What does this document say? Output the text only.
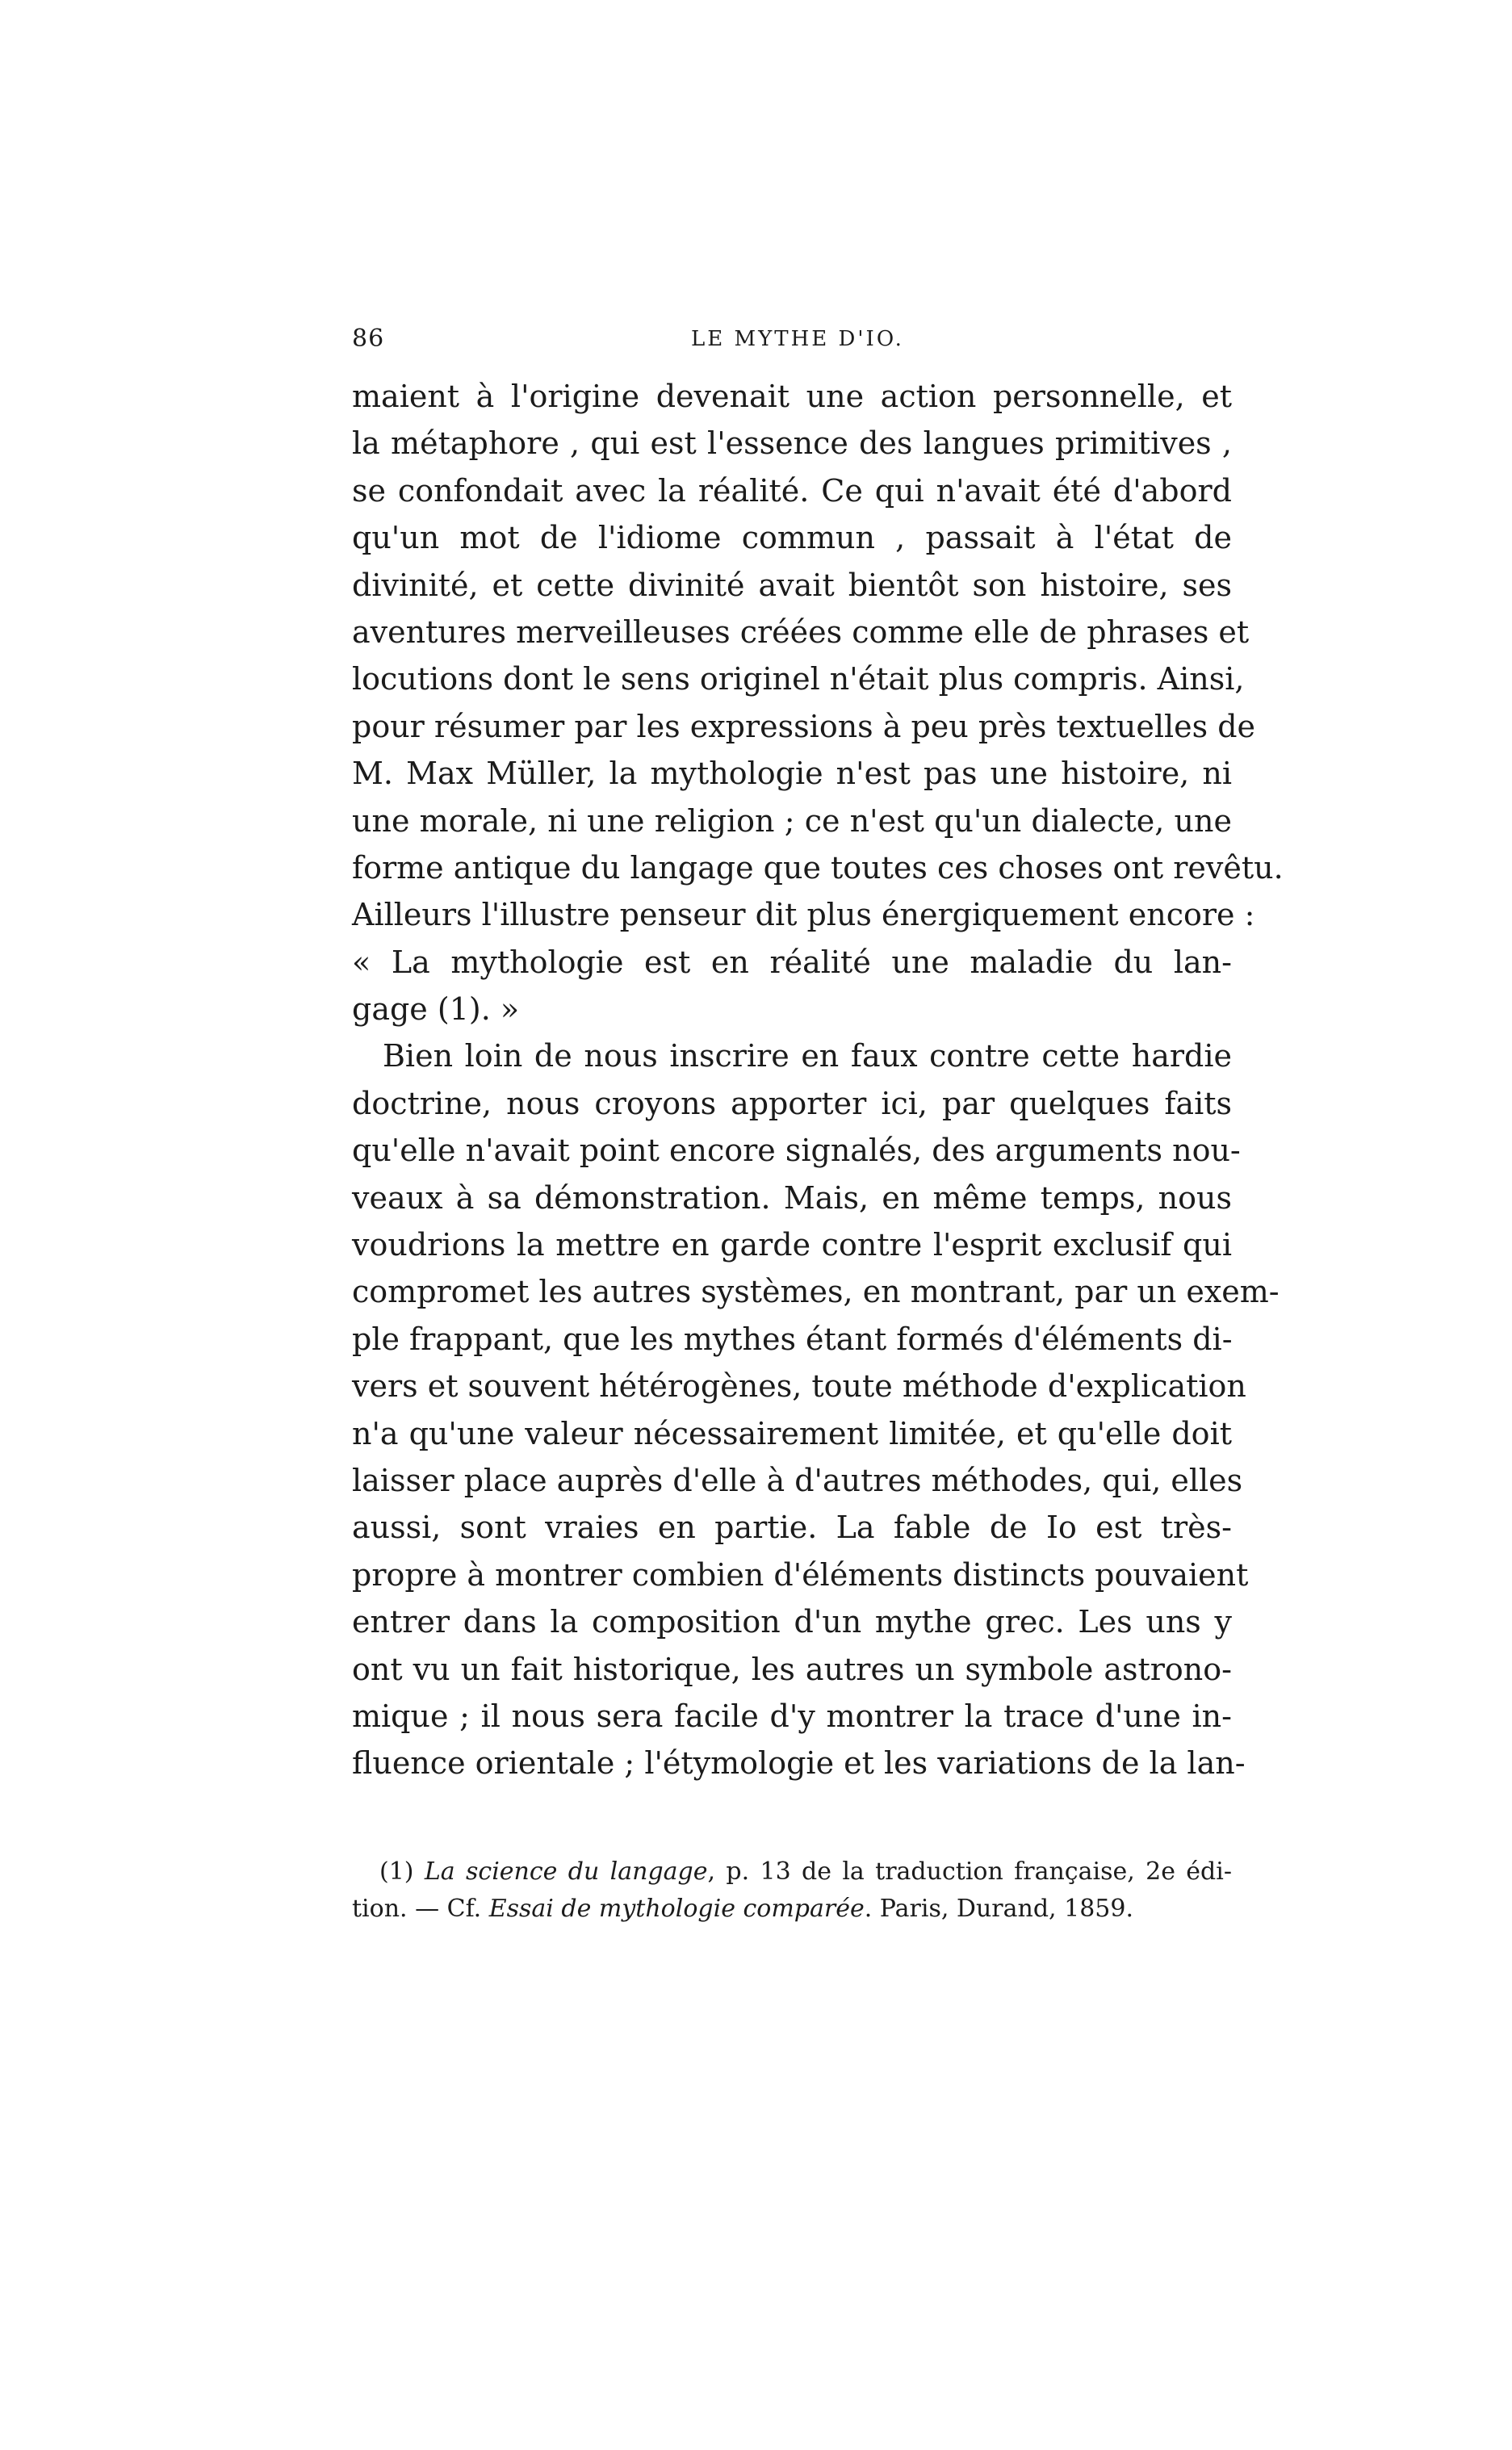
86	LE MYTHE D'IO.
maient à l'origine devenait une action personnelle, et
la métaphore , qui est l'essence des langues primitives ,
se confondait avec la réalité. Ce qui n'avait été d'abord
qu'un mot de l'idiome commun , passait à l'état de
divinité, et cette divinité avait bientôt son histoire, ses
aventures merveilleuses créées comme elle de phrases et
locutions dont le sens originel n'était plus compris. Ainsi,
pour résumer par les expressions à peu près textuelles de
M. Max Müller, la mythologie n'est pas une histoire, ni
une morale, ni une religion ; ce n'est qu'un dialecte, une
forme antique du langage que toutes ces choses ont revêtu.
Ailleurs l'illustre penseur dit plus énergiquement encore :
« La mythologie est en réalité une maladie du lan-
gage (1). »
Bien loin de nous inscrire en faux contre cette hardie
doctrine, nous croyons apporter ici, par quelques faits
qu'elle n'avait point encore signalés, des arguments nou-
veaux à sa démonstration. Mais, en même temps, nous
voudrions la mettre en garde contre l'esprit exclusif qui
compromet les autres systèmes, en montrant, par un exem-
ple frappant, que les mythes étant formés d'éléments di-
vers et souvent hétérogènes, toute méthode d'explication
n'a qu'une valeur nécessairement limitée, et qu'elle doit
laisser place auprès d'elle à d'autres méthodes, qui, elles
aussi, sont vraies en partie. La fable de Io est très-
propre à montrer combien d'éléments distincts pouvaient
entrer dans la composition d'un mythe grec. Les uns y
ont vu un fait historique, les autres un symbole astrono-
mique ; il nous sera facile d'y montrer la trace d'une in-
fluence orientale ; l'étymologie et les variations de la lan-
(1) La science du langage, p. 13 de la traduction française, 2e édi-
tion. — Cf. Essai de mythologie comparée. Paris, Durand, 1859.
